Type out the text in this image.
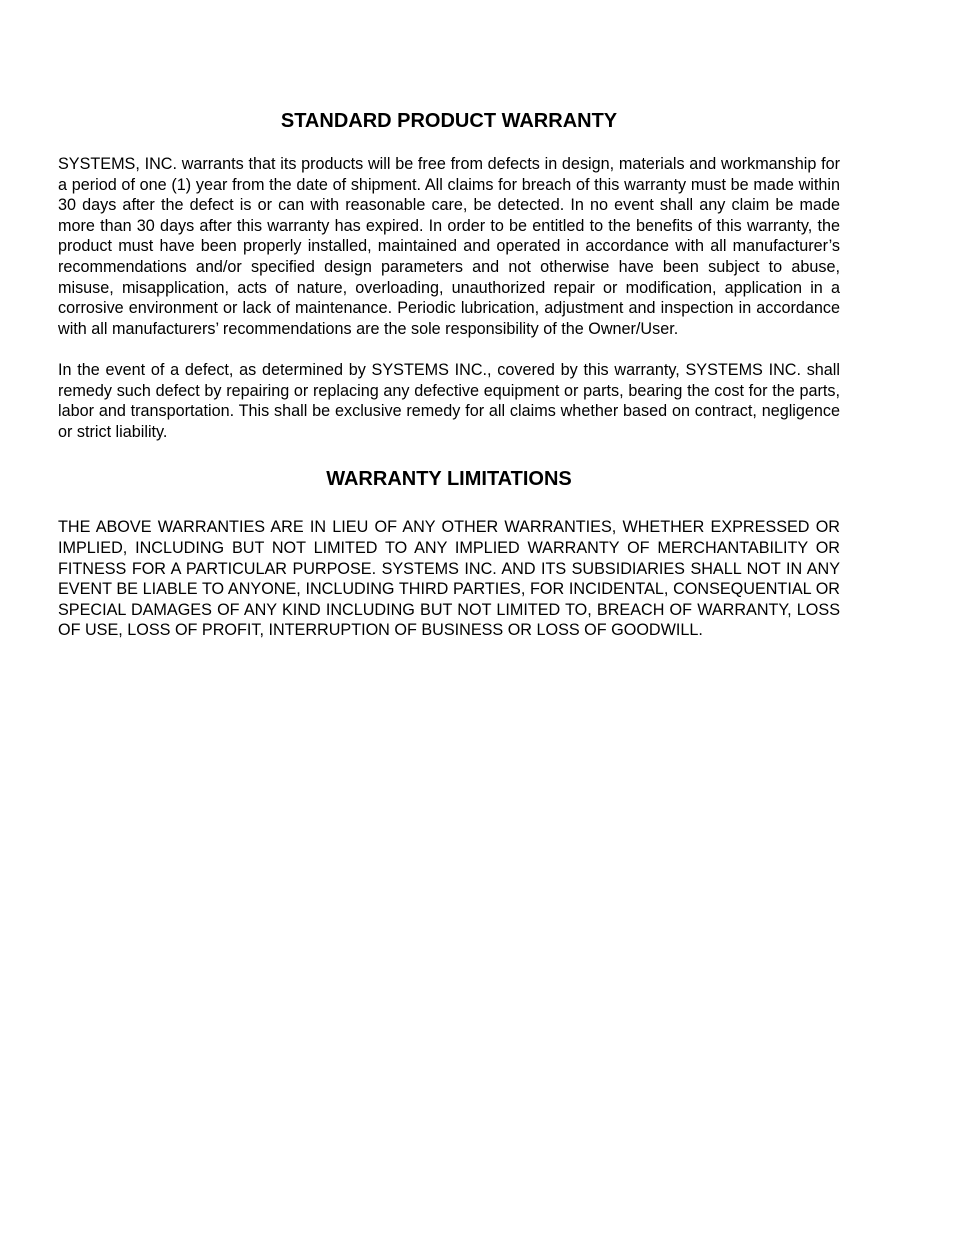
STANDARD PRODUCT WARRANTY

SYSTEMS, INC. warrants that its products will be free from defects in design, materials and workmanship for a period of one (1) year from the date of shipment. All claims for breach of this warranty must be made within 30 days after the defect is or can with reasonable care, be detected. In no event shall any claim be made more than 30 days after this warranty has expired. In order to be entitled to the benefits of this warranty, the product must have been properly installed, maintained and operated in accordance with all manufacturer’s recommendations and/or specified design parameters and not otherwise have been subject to abuse, misuse, misapplication, acts of nature, overloading, unauthorized repair or modification, application in a corrosive environment or lack of maintenance. Periodic lubrication, adjustment and inspection in accordance with all manufacturers’ recommendations are the sole responsibility of the Owner/User.

In the event of a defect, as determined by SYSTEMS INC., covered by this warranty, SYSTEMS INC. shall remedy such defect by repairing or replacing any defective equipment or parts, bearing the cost for the parts, labor and transportation. This shall be exclusive remedy for all claims whether based on contract, negligence or strict liability.

WARRANTY LIMITATIONS

THE ABOVE WARRANTIES ARE IN LIEU OF ANY OTHER WARRANTIES, WHETHER EXPRESSED OR IMPLIED, INCLUDING BUT NOT LIMITED TO ANY IMPLIED WARRANTY OF MERCHANTABILITY OR FITNESS FOR A PARTICULAR PURPOSE. SYSTEMS INC. AND ITS SUBSIDIARIES SHALL NOT IN ANY EVENT BE LIABLE TO ANYONE, INCLUDING THIRD PARTIES, FOR INCIDENTAL, CONSEQUENTIAL OR SPECIAL DAMAGES OF ANY KIND INCLUDING BUT NOT LIMITED TO, BREACH OF WARRANTY, LOSS OF USE, LOSS OF PROFIT, INTERRUPTION OF BUSINESS OR LOSS OF GOODWILL.
